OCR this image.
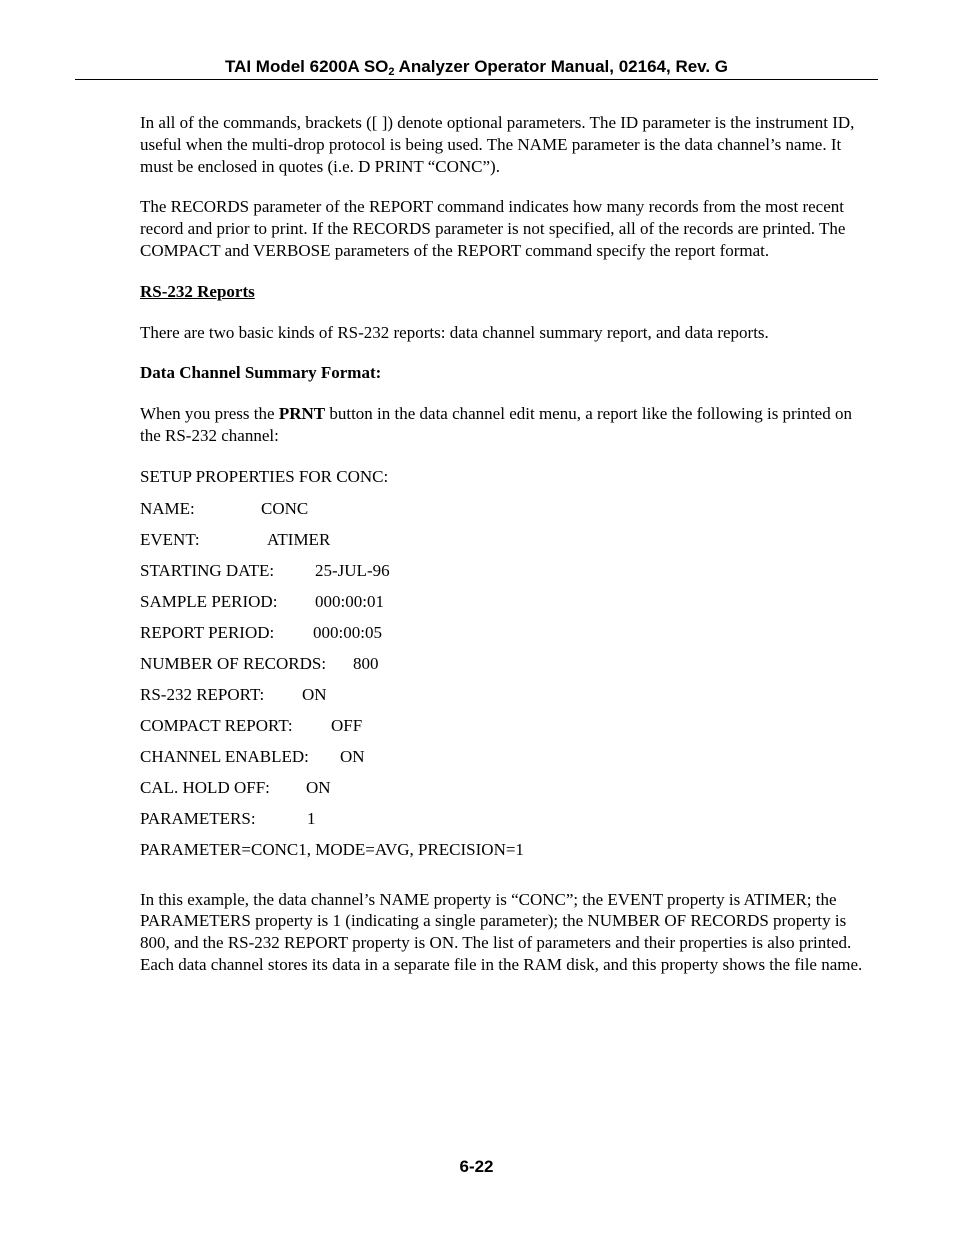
TAI Model 6200A $SO_2$ Analyzer Operator Manual, 02164, Rev. G

In all of the commands, brackets ([ ]) denote optional parameters. The ID parameter is the instrument ID, useful when the multi-drop protocol is being used. The NAME parameter is the data channel’s name. It must be enclosed in quotes (i.e. D PRINT “CONC”).

The RECORDS parameter of the REPORT command indicates how many records from the most recent record and prior to print. If the RECORDS parameter is not specified, all of the records are printed. The COMPACT and VERBOSE parameters of the REPORT command specify the report format.

RS-232 Reports

There are two basic kinds of RS-232 reports: data channel summary report, and data reports.

Data Channel Summary Format:

When you press the PRNT button in the data channel edit menu, a report like the following is printed on the RS-232 channel:

SETUP PROPERTIES FOR CONC:

NAME:	CONC
EVENT:	ATIMER
STARTING DATE:	25-JUL-96
SAMPLE PERIOD:	000:00:01
REPORT PERIOD:	000:00:05
NUMBER OF RECORDS:	800
RS-232 REPORT:	ON
COMPACT REPORT:	OFF
CHANNEL ENABLED:	ON
CAL. HOLD OFF:	ON
PARAMETERS:	1
PARAMETER=CONC1, MODE=AVG, PRECISION=1

In this example, the data channel’s NAME property is “CONC”; the EVENT property is ATIMER; the PARAMETERS property is 1 (indicating a single parameter); the NUMBER OF RECORDS property is 800, and the RS-232 REPORT property is ON. The list of parameters and their properties is also printed. Each data channel stores its data in a separate file in the RAM disk, and this property shows the file name.

6-22
